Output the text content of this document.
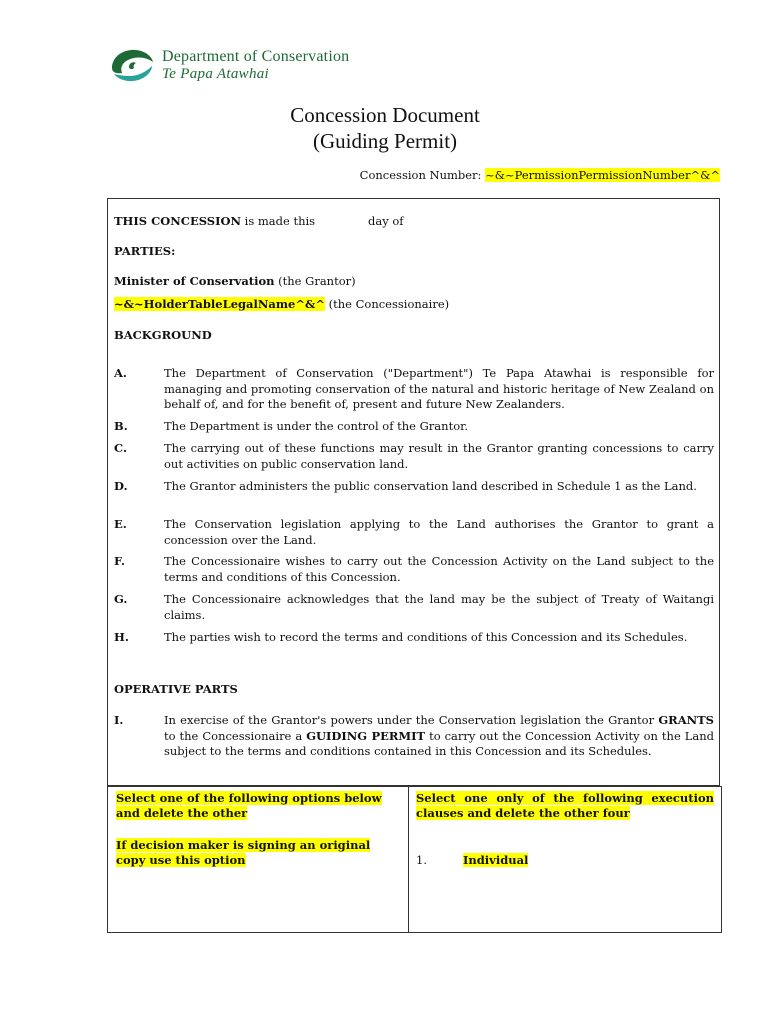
Department of Conservation
Te Papa Atawhai
Concession Document
(Guiding Permit)
Concession Number: ~&~PermissionPermissionNumber^&^
THIS CONCESSION is made this	day of
PARTIES:
Minister of Conservation (the Grantor)
~&~HolderTableLegalName^&^ (the Concessionaire)
BACKGROUND
A.	The Department of Conservation ("Department") Te Papa Atawhai is responsible for managing and promoting conservation of the natural and historic heritage of New Zealand on behalf of, and for the benefit of, present and future New Zealanders.
B.	The Department is under the control of the Grantor.
C.	The carrying out of these functions may result in the Grantor granting concessions to carry out activities on public conservation land.
D.	The Grantor administers the public conservation land described in Schedule 1 as the Land.
E.	The Conservation legislation applying to the Land authorises the Grantor to grant a concession over the Land.
F.	The Concessionaire wishes to carry out the Concession Activity on the Land subject to the terms and conditions of this Concession.
G.	The Concessionaire acknowledges that the land may be the subject of Treaty of Waitangi claims.
H.	The parties wish to record the terms and conditions of this Concession and its Schedules.
OPERATIVE PARTS
I.	In exercise of the Grantor's powers under the Conservation legislation the Grantor GRANTS to the Concessionaire a GUIDING PERMIT to carry out the Concession Activity on the Land subject to the terms and conditions contained in this Concession and its Schedules.
Select one of the following options below and delete the other
If decision maker is signing an original copy use this option
Select one only of the following execution clauses and delete the other four
1.	Individual
